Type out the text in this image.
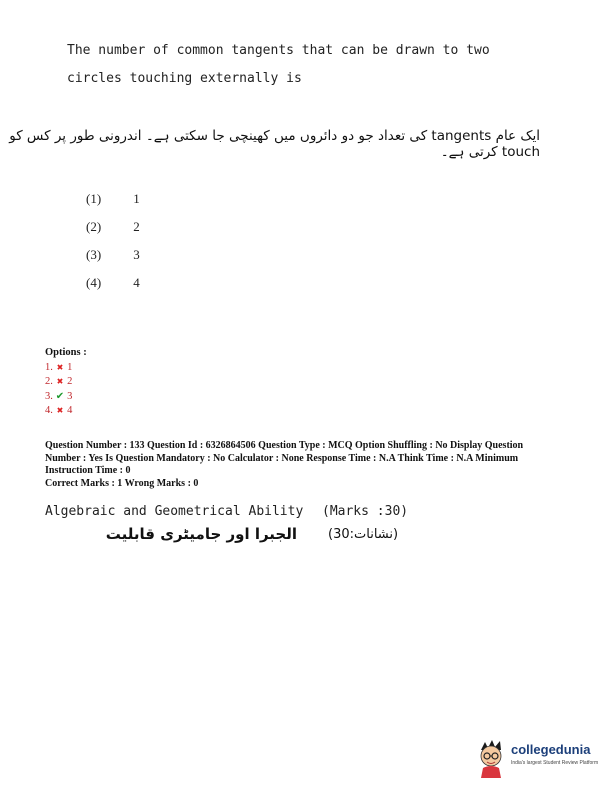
The number of common tangents that can be drawn to two circles touching externally is
ایک عام tangents کی تعداد جو دو دائروں میں کھینچی جا سکتی ہے۔ اندرونی طور پر کس کو touch کرتی ہے۔
(1) 1
(2) 2
(3) 3
(4) 4
Options :
1. ✖ 1
2. ✖ 2
3. ✔ 3
4. ✖ 4
Question Number : 133 Question Id : 6326864506 Question Type : MCQ Option Shuffling : No Display Question Number : Yes Is Question Mandatory : No Calculator : None Response Time : N.A Think Time : N.A Minimum Instruction Time : 0
Correct Marks : 1 Wrong Marks : 0
Algebraic and Geometrical Ability (Marks :30)
الجبرا اور جامیٹری قابلیت (نشانات:30)
collegedunia
India's largest Student Review Platform
